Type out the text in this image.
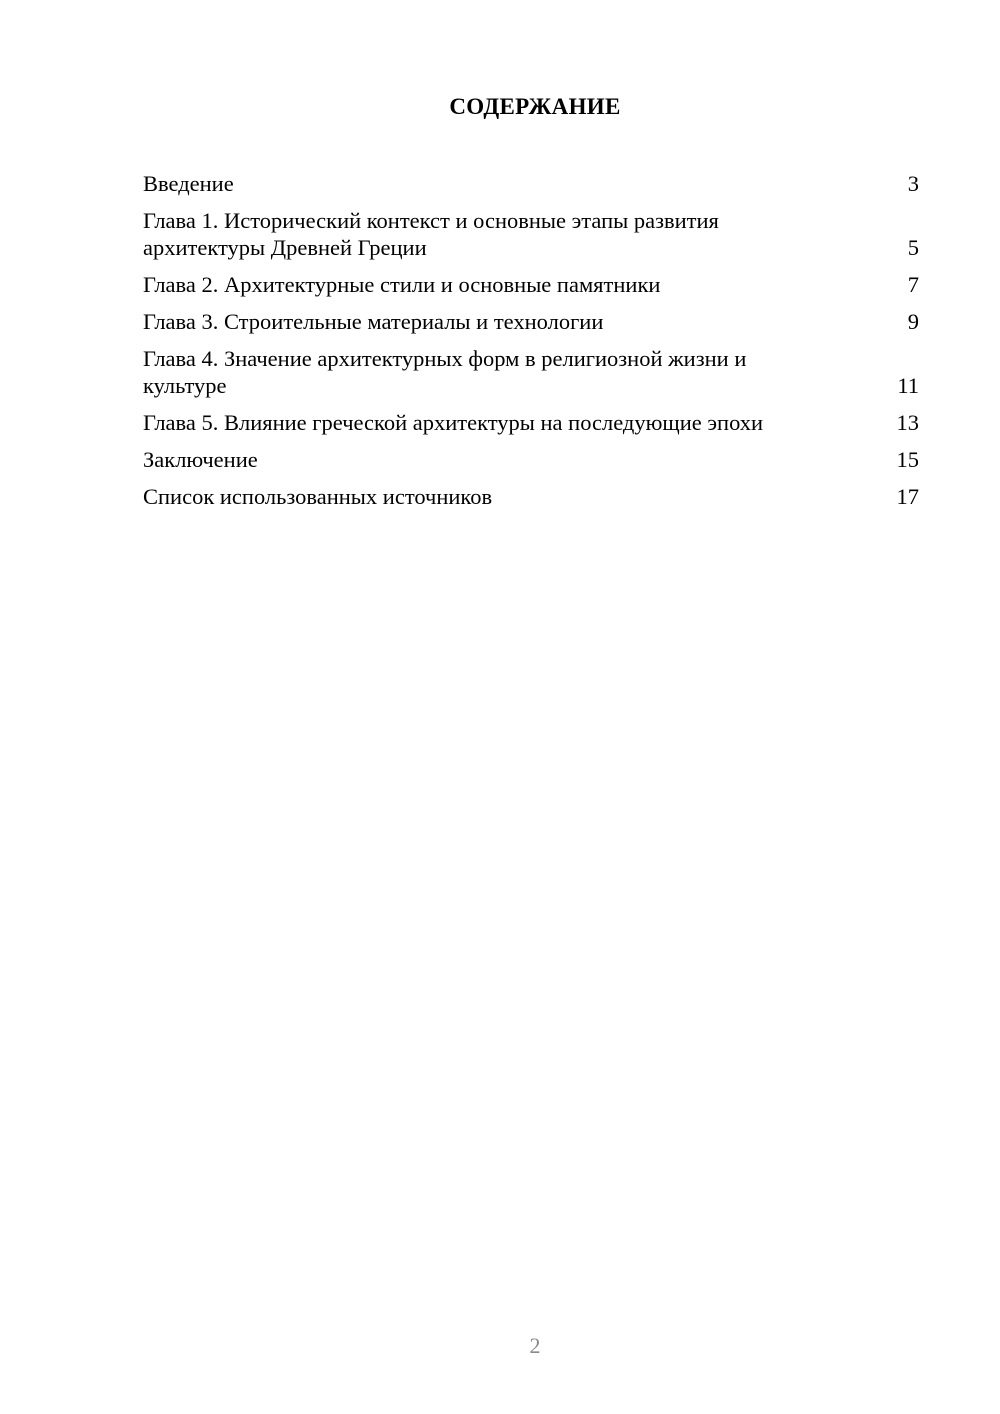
СОДЕРЖАНИЕ
Введение	3
Глава 1. Исторический контекст и основные этапы развития архитектуры Древней Греции	5
Глава 2. Архитектурные стили и основные памятники	7
Глава 3. Строительные материалы и технологии	9
Глава 4. Значение архитектурных форм в религиозной жизни и культуре	11
Глава 5. Влияние греческой архитектуры на последующие эпохи	13
Заключение	15
Список использованных источников	17
2
